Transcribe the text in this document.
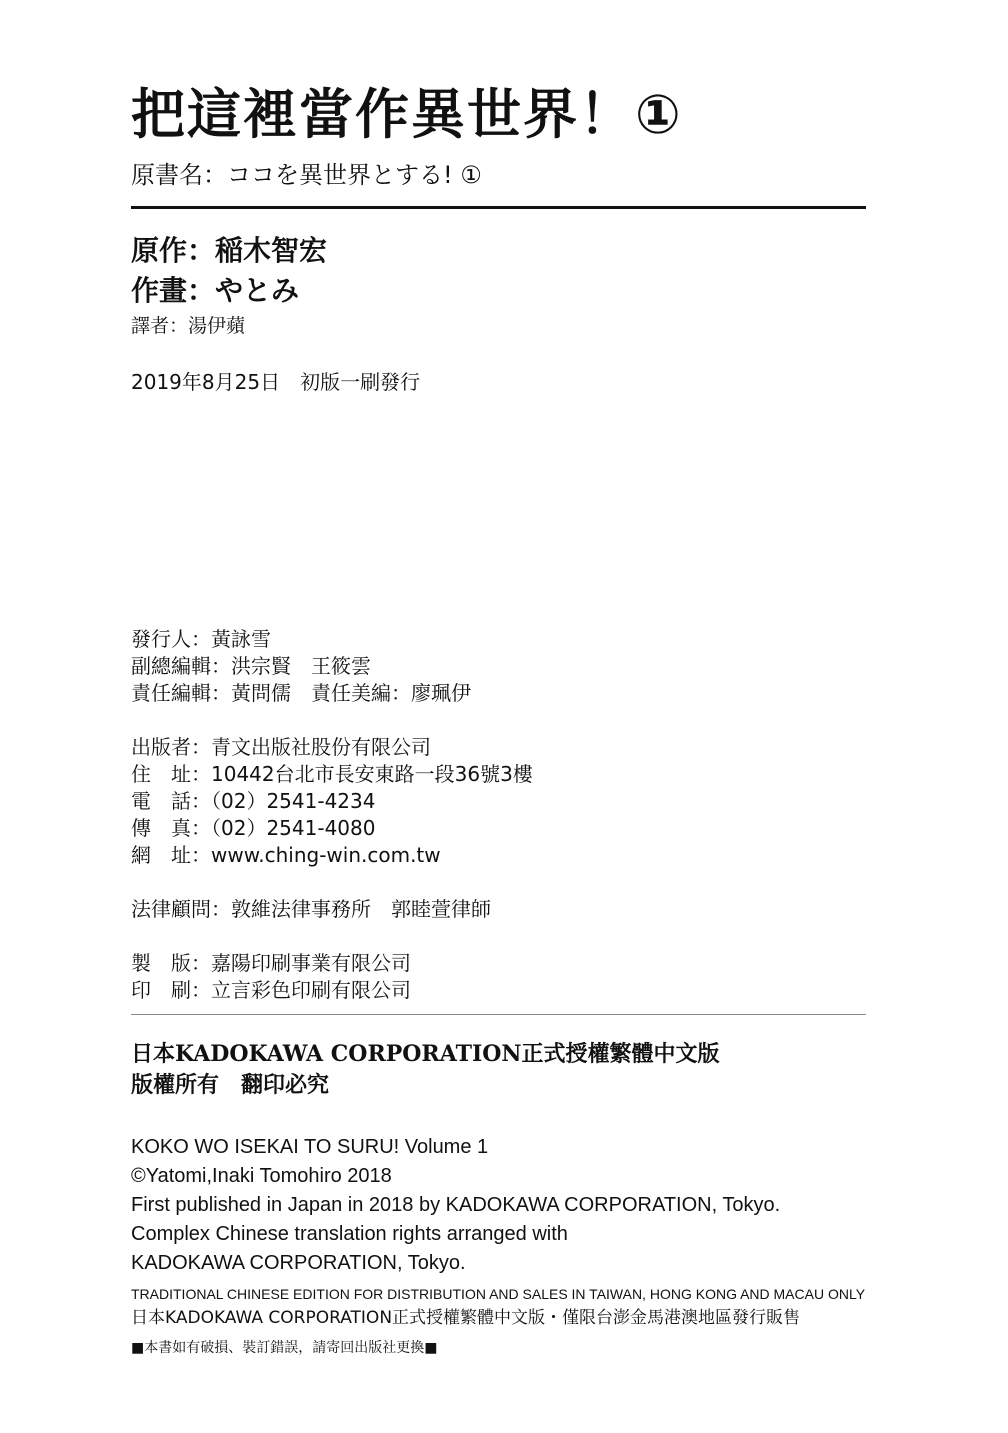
把這裡當作異世界！①
原書名：ココを異世界とする! ①
原作：稲木智宏
作畫：やとみ
譯者：湯伊蘋
2019年8月25日　初版一刷發行
發行人：黃詠雪
副總編輯：洪宗賢　王筱雲
責任編輯：黃問儒　責任美編：廖珮伊
出版者：青文出版社股份有限公司
住　址：10442台北市長安東路一段36號3樓
電　話：（02）2541-4234
傳　真：（02）2541-4080
網　址：www.ching-win.com.tw
法律顧問：敦維法律事務所　郭睦萱律師
製　版：嘉陽印刷事業有限公司
印　刷：立言彩色印刷有限公司
日本KADOKAWA CORPORATION正式授權繁體中文版
版權所有　翻印必究
KOKO WO ISEKAI TO SURU! Volume 1
©Yatomi,Inaki Tomohiro 2018
First published in Japan in 2018 by KADOKAWA CORPORATION, Tokyo.
Complex Chinese translation rights arranged with
KADOKAWA CORPORATION, Tokyo.
TRADITIONAL CHINESE EDITION FOR DISTRIBUTION AND SALES IN TAIWAN, HONG KONG AND MACAU ONLY
日本KADOKAWA CORPORATION正式授權繁體中文版・僅限台澎金馬港澳地區發行販售
■本書如有破損、裝訂錯誤，請寄回出版社更換■
